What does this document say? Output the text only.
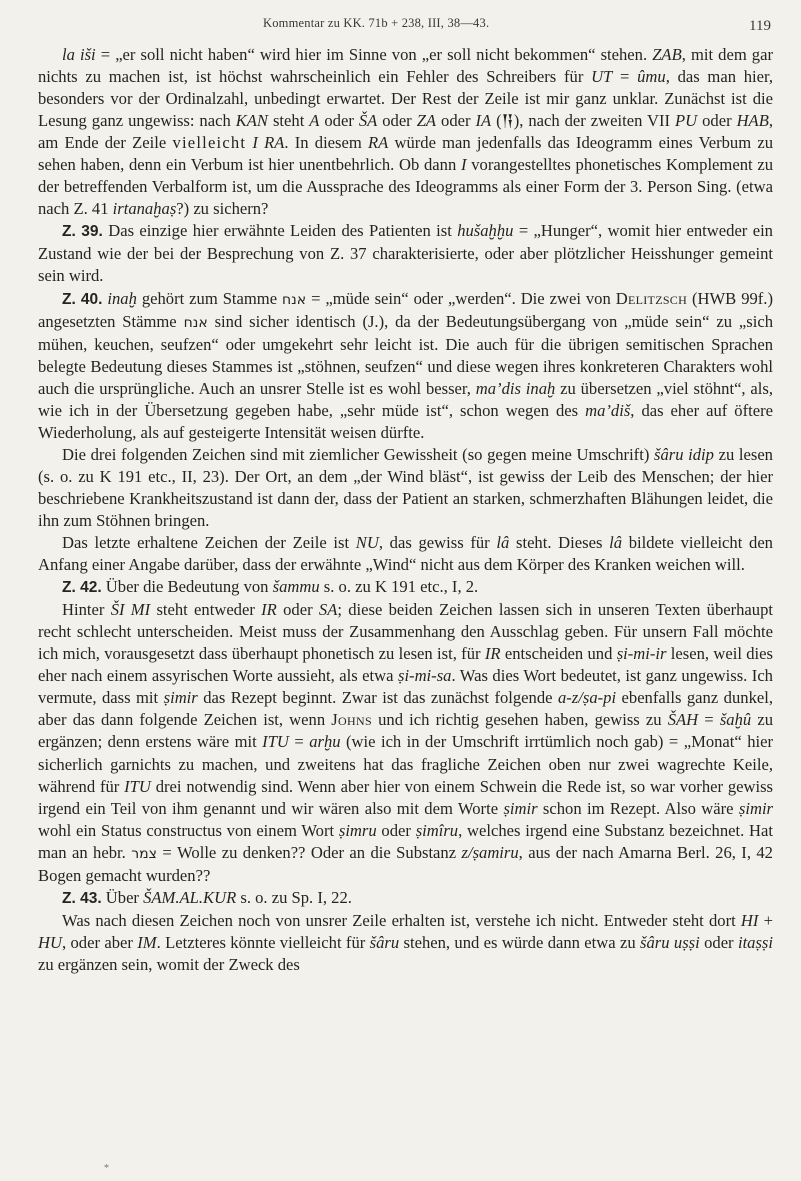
Kommentar zu KK. 71b + 238, III, 38—43.	119

la iši = „er soll nicht haben“ wird hier im Sinne von „er soll nicht bekommen“ stehen. ZAB, mit dem gar nichts zu machen ist, ist höchst wahrscheinlich ein Fehler des Schreibers für UT = ûmu, das man hier, besonders vor der Ordinalzahl, unbedingt erwartet. Der Rest der Zeile ist mir ganz unklar. Zunächst ist die Lesung ganz ungewiss: nach KAN steht A oder ŠA oder ZA oder IA (𒀀), nach der zweiten VII PU oder HAB, am Ende der Zeile vielleicht I RA. In diesem RA würde man jedenfalls das Ideogramm eines Verbum zu sehen haben, denn ein Verbum ist hier unentbehrlich. Ob dann I vorangestelltes phonetisches Komplement zu der betreffenden Verbalform ist, um die Aussprache des Ideogramms als einer Form der 3. Person Sing. (etwa nach Z. 41 irtanaḫaṣ?) zu sichern?

Z. 39. Das einzige hier erwähnte Leiden des Patienten ist hušaḫḫu = „Hunger“, womit hier entweder ein Zustand wie der bei der Besprechung von Z. 37 charakterisierte, oder aber plötzlicher Heisshunger gemeint sein wird.

Z. 40. inaḫ gehört zum Stamme אנח = „müde sein“ oder „werden“. Die zwei von Delitzsch (HWB 99f.) angesetzten Stämme אנח sind sicher identisch (J.), da der Bedeutungsübergang von „müde sein“ zu „sich mühen, keuchen, seufzen“ oder umgekehrt sehr leicht ist. Die auch für die übrigen semitischen Sprachen belegte Bedeutung dieses Stammes ist „stöhnen, seufzen“ und diese wegen ihres konkreteren Charakters wohl auch die ursprüngliche. Auch an unsrer Stelle ist es wohl besser, ma’dis inaḫ zu übersetzen „viel stöhnt“, als, wie ich in der Übersetzung gegeben habe, „sehr müde ist“, schon wegen des ma’diš, das eher auf öftere Wiederholung, als auf gesteigerte Intensität weisen dürfte.

Die drei folgenden Zeichen sind mit ziemlicher Gewissheit (so gegen meine Umschrift) šâru idip zu lesen (s. o. zu K 191 etc., II, 23). Der Ort, an dem „der Wind bläst“, ist gewiss der Leib des Menschen; der hier beschriebene Krankheitszustand ist dann der, dass der Patient an starken, schmerzhaften Blähungen leidet, die ihn zum Stöhnen bringen.

Das letzte erhaltene Zeichen der Zeile ist NU, das gewiss für lâ steht. Dieses lâ bildete vielleicht den Anfang einer Angabe darüber, dass der erwähnte „Wind“ nicht aus dem Körper des Kranken weichen will.

Z. 42. Über die Bedeutung von šammu s. o. zu K 191 etc., I, 2.

Hinter ŠI MI steht entweder IR oder SA; diese beiden Zeichen lassen sich in unseren Texten überhaupt recht schlecht unterscheiden. Meist muss der Zusammenhang den Ausschlag geben. Für unsern Fall möchte ich mich, vorausgesetzt dass überhaupt phonetisch zu lesen ist, für IR entscheiden und ṣi-mi-ir lesen, weil dies eher nach einem assyrischen Worte aussieht, als etwa ṣi-mi-sa. Was dies Wort bedeutet, ist ganz ungewiss. Ich vermute, dass mit ṣimir das Rezept beginnt. Zwar ist das zunächst folgende a-z/ṣa-pi ebenfalls ganz dunkel, aber das dann folgende Zeichen ist, wenn Johns und ich richtig gesehen haben, gewiss zu ŠAH = šaḫû zu ergänzen; denn erstens wäre mit ITU = arḫu (wie ich in der Umschrift irrtümlich noch gab) = „Monat“ hier sicherlich garnichts zu machen, und zweitens hat das fragliche Zeichen oben nur zwei wagrechte Keile, während für ITU drei notwendig sind. Wenn aber hier von einem Schwein die Rede ist, so war vorher gewiss irgend ein Teil von ihm genannt und wir wären also mit dem Worte ṣimir schon im Rezept. Also wäre ṣimir wohl ein Status constructus von einem Wort ṣimru oder ṣimîru, welches irgend eine Substanz bezeichnet. Hat man an hebr. צמר = Wolle zu denken?? Oder an die Substanz z/ṣamiru, aus der nach Amarna Berl. 26, I, 42 Bogen gemacht wurden??

Z. 43. Über ŠAM.AL.KUR s. o. zu Sp. I, 22.

Was nach diesen Zeichen noch von unsrer Zeile erhalten ist, verstehe ich nicht. Entweder steht dort HI + HU, oder aber IM. Letzteres könnte vielleicht für šâru stehen, und es würde dann etwa zu šâru uṣṣi oder itaṣṣi zu ergänzen sein, womit der Zweck des

*
